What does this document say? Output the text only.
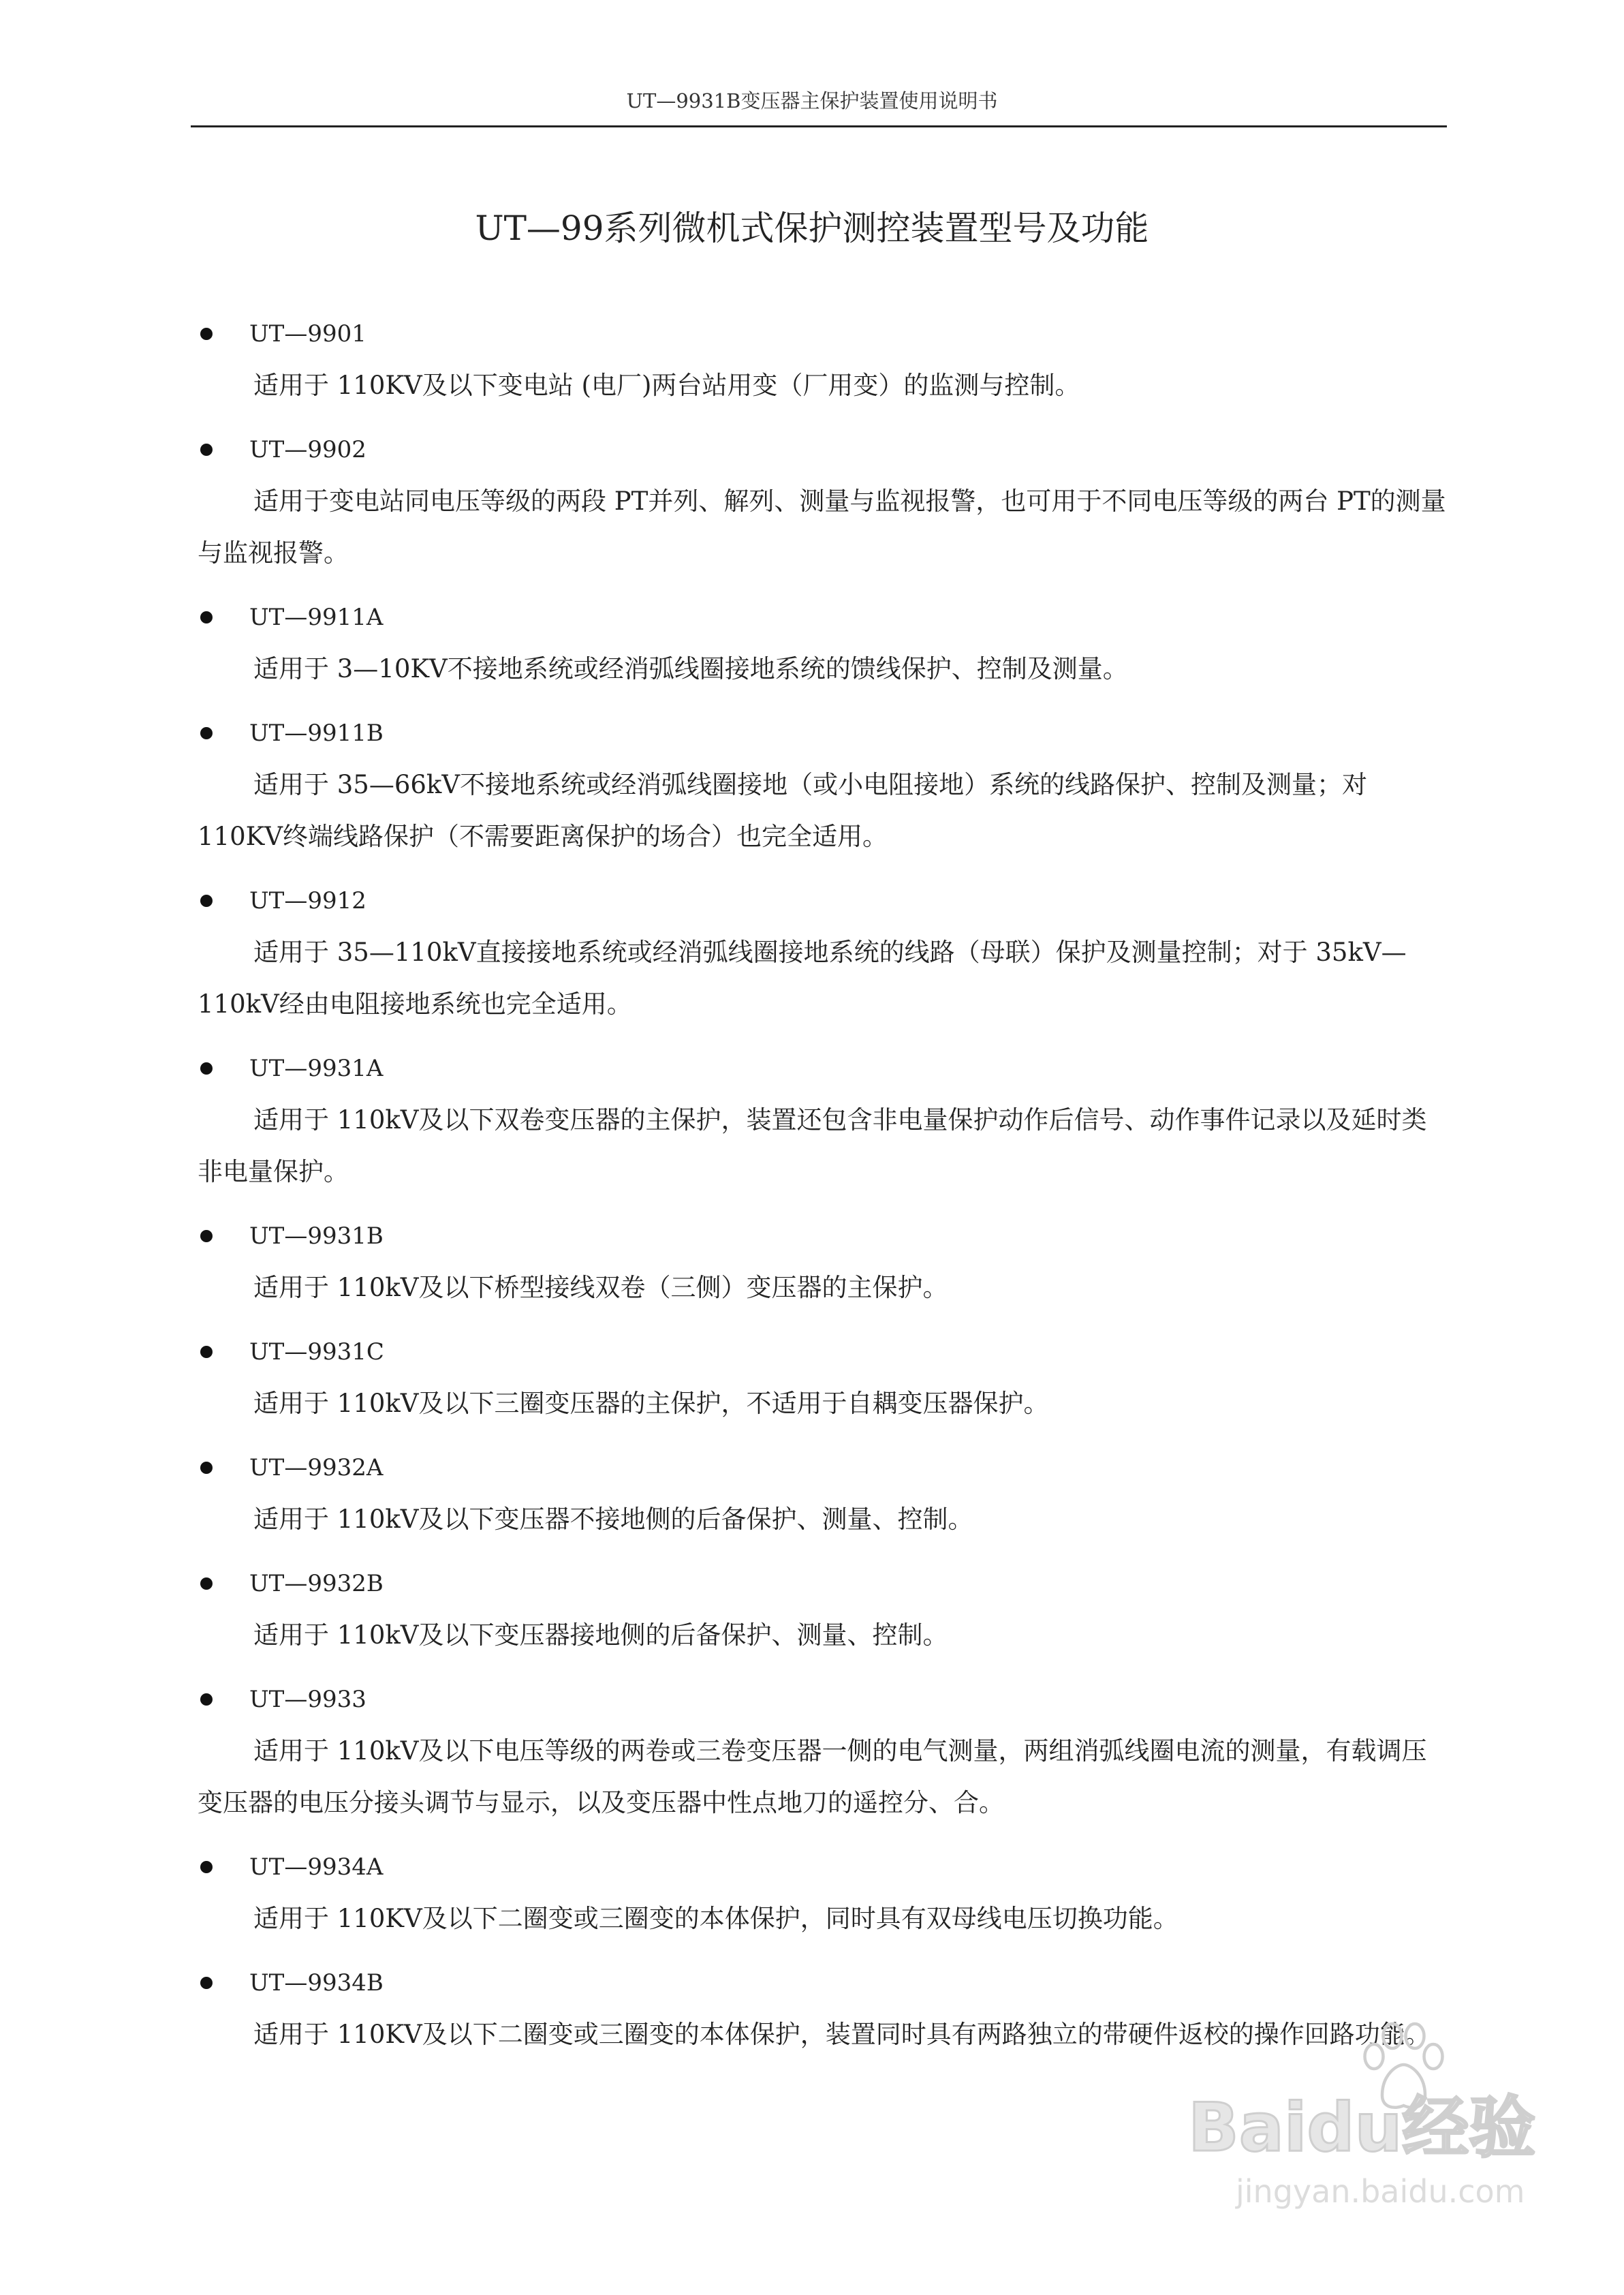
UT—9931B变压器主保护装置使用说明书
UT—99系列微机式保护测控装置型号及功能
UT—9901

适用于 110KV及以下变电站 (电厂)两台站用变（厂用变）的监测与控制。

UT—9902

适用于变电站同电压等级的两段 PT并列、解列、测量与监视报警，也可用于不同电压等级的两台 PT的测量与监视报警。

UT—9911A

适用于 3—10KV不接地系统或经消弧线圈接地系统的馈线保护、控制及测量。

UT—9911B

适用于 35—66kV不接地系统或经消弧线圈接地（或小电阻接地）系统的线路保护、控制及测量；对 110KV终端线路保护（不需要距离保护的场合）也完全适用。

UT—9912

适用于 35—110kV直接接地系统或经消弧线圈接地系统的线路（母联）保护及测量控制；对于 35kV—110kV经由电阻接地系统也完全适用。

UT—9931A

适用于 110kV及以下双卷变压器的主保护，装置还包含非电量保护动作后信号、动作事件记录以及延时类非电量保护。

UT—9931B

适用于 110kV及以下桥型接线双卷（三侧）变压器的主保护。

UT—9931C

适用于 110kV及以下三圈变压器的主保护，不适用于自耦变压器保护。

UT—9932A

适用于 110kV及以下变压器不接地侧的后备保护、测量、控制。

UT—9932B

适用于 110kV及以下变压器接地侧的后备保护、测量、控制。

UT—9933

适用于 110kV及以下电压等级的两卷或三卷变压器一侧的电气测量，两组消弧线圈电流的测量，有载调压变压器的电压分接头调节与显示，以及变压器中性点地刀的遥控分、合。

UT—9934A

适用于 110KV及以下二圈变或三圈变的本体保护，同时具有双母线电压切换功能。

UT—9934B

适用于 110KV及以下二圈变或三圈变的本体保护，装置同时具有两路独立的带硬件返校的操作回路功能。

Baidu经验
jingyan.baidu.com
